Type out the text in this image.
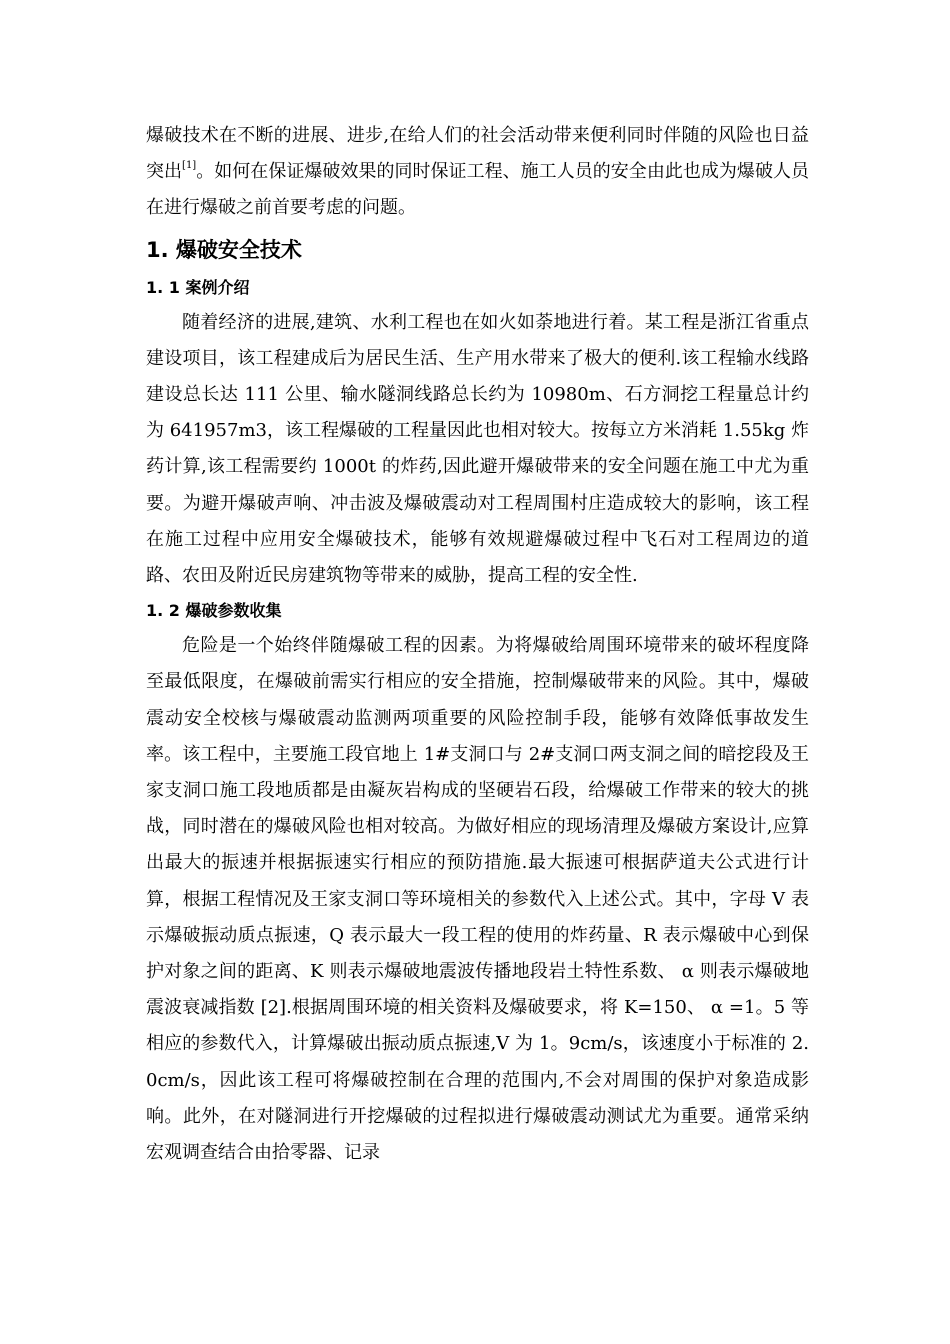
爆破技术在不断的进展、进步,在给人们的社会活动带来便利同时伴随的风险也日益突出[1]。如何在保证爆破效果的同时保证工程、施工人员的安全由此也成为爆破人员在进行爆破之前首要考虑的问题。

1. 爆破安全技术
1. 1 案例介绍

随着经济的进展,建筑、水利工程也在如火如荼地进行着。某工程是浙江省重点建设项目，该工程建成后为居民生活、生产用水带来了极大的便利.该工程输水线路建设总长达 111 公里、输水隧洞线路总长约为 10980m、石方洞挖工程量总计约为 641957m3，该工程爆破的工程量因此也相对较大。按每立方米消耗 1.55kg 炸药计算,该工程需要约 1000t 的炸药,因此避开爆破带来的安全问题在施工中尤为重要。为避开爆破声响、冲击波及爆破震动对工程周围村庄造成较大的影响，该工程在施工过程中应用安全爆破技术，能够有效规避爆破过程中飞石对工程周边的道路、农田及附近民房建筑物等带来的威胁，提高工程的安全性.

1. 2 爆破参数收集

危险是一个始终伴随爆破工程的因素。为将爆破给周围环境带来的破坏程度降至最低限度，在爆破前需实行相应的安全措施，控制爆破带来的风险。其中，爆破震动安全校核与爆破震动监测两项重要的风险控制手段，能够有效降低事故发生率。该工程中，主要施工段官地上 1#支洞口与 2#支洞口两支洞之间的暗挖段及王家支洞口施工段地质都是由凝灰岩构成的坚硬岩石段，给爆破工作带来的较大的挑战，同时潜在的爆破风险也相对较高。为做好相应的现场清理及爆破方案设计,应算出最大的振速并根据振速实行相应的预防措施.最大振速可根据萨道夫公式进行计算，根据工程情况及王家支洞口等环境相关的参数代入上述公式。其中，字母 V 表示爆破振动质点振速，Q 表示最大一段工程的使用的炸药量、R 表示爆破中心到保护对象之间的距离、K 则表示爆破地震波传播地段岩土特性系数、 α 则表示爆破地震波衰减指数 [2].根据周围环境的相关资料及爆破要求，将 K=150、 α =1。5 等相应的参数代入，计算爆破出振动质点振速,V 为 1。9cm/s，该速度小于标准的 2.0cm/s，因此该工程可将爆破控制在合理的范围内,不会对周围的保护对象造成影响。此外，在对隧洞进行开挖爆破的过程拟进行爆破震动测试尤为重要。通常采纳宏观调查结合由拾零器、记录
